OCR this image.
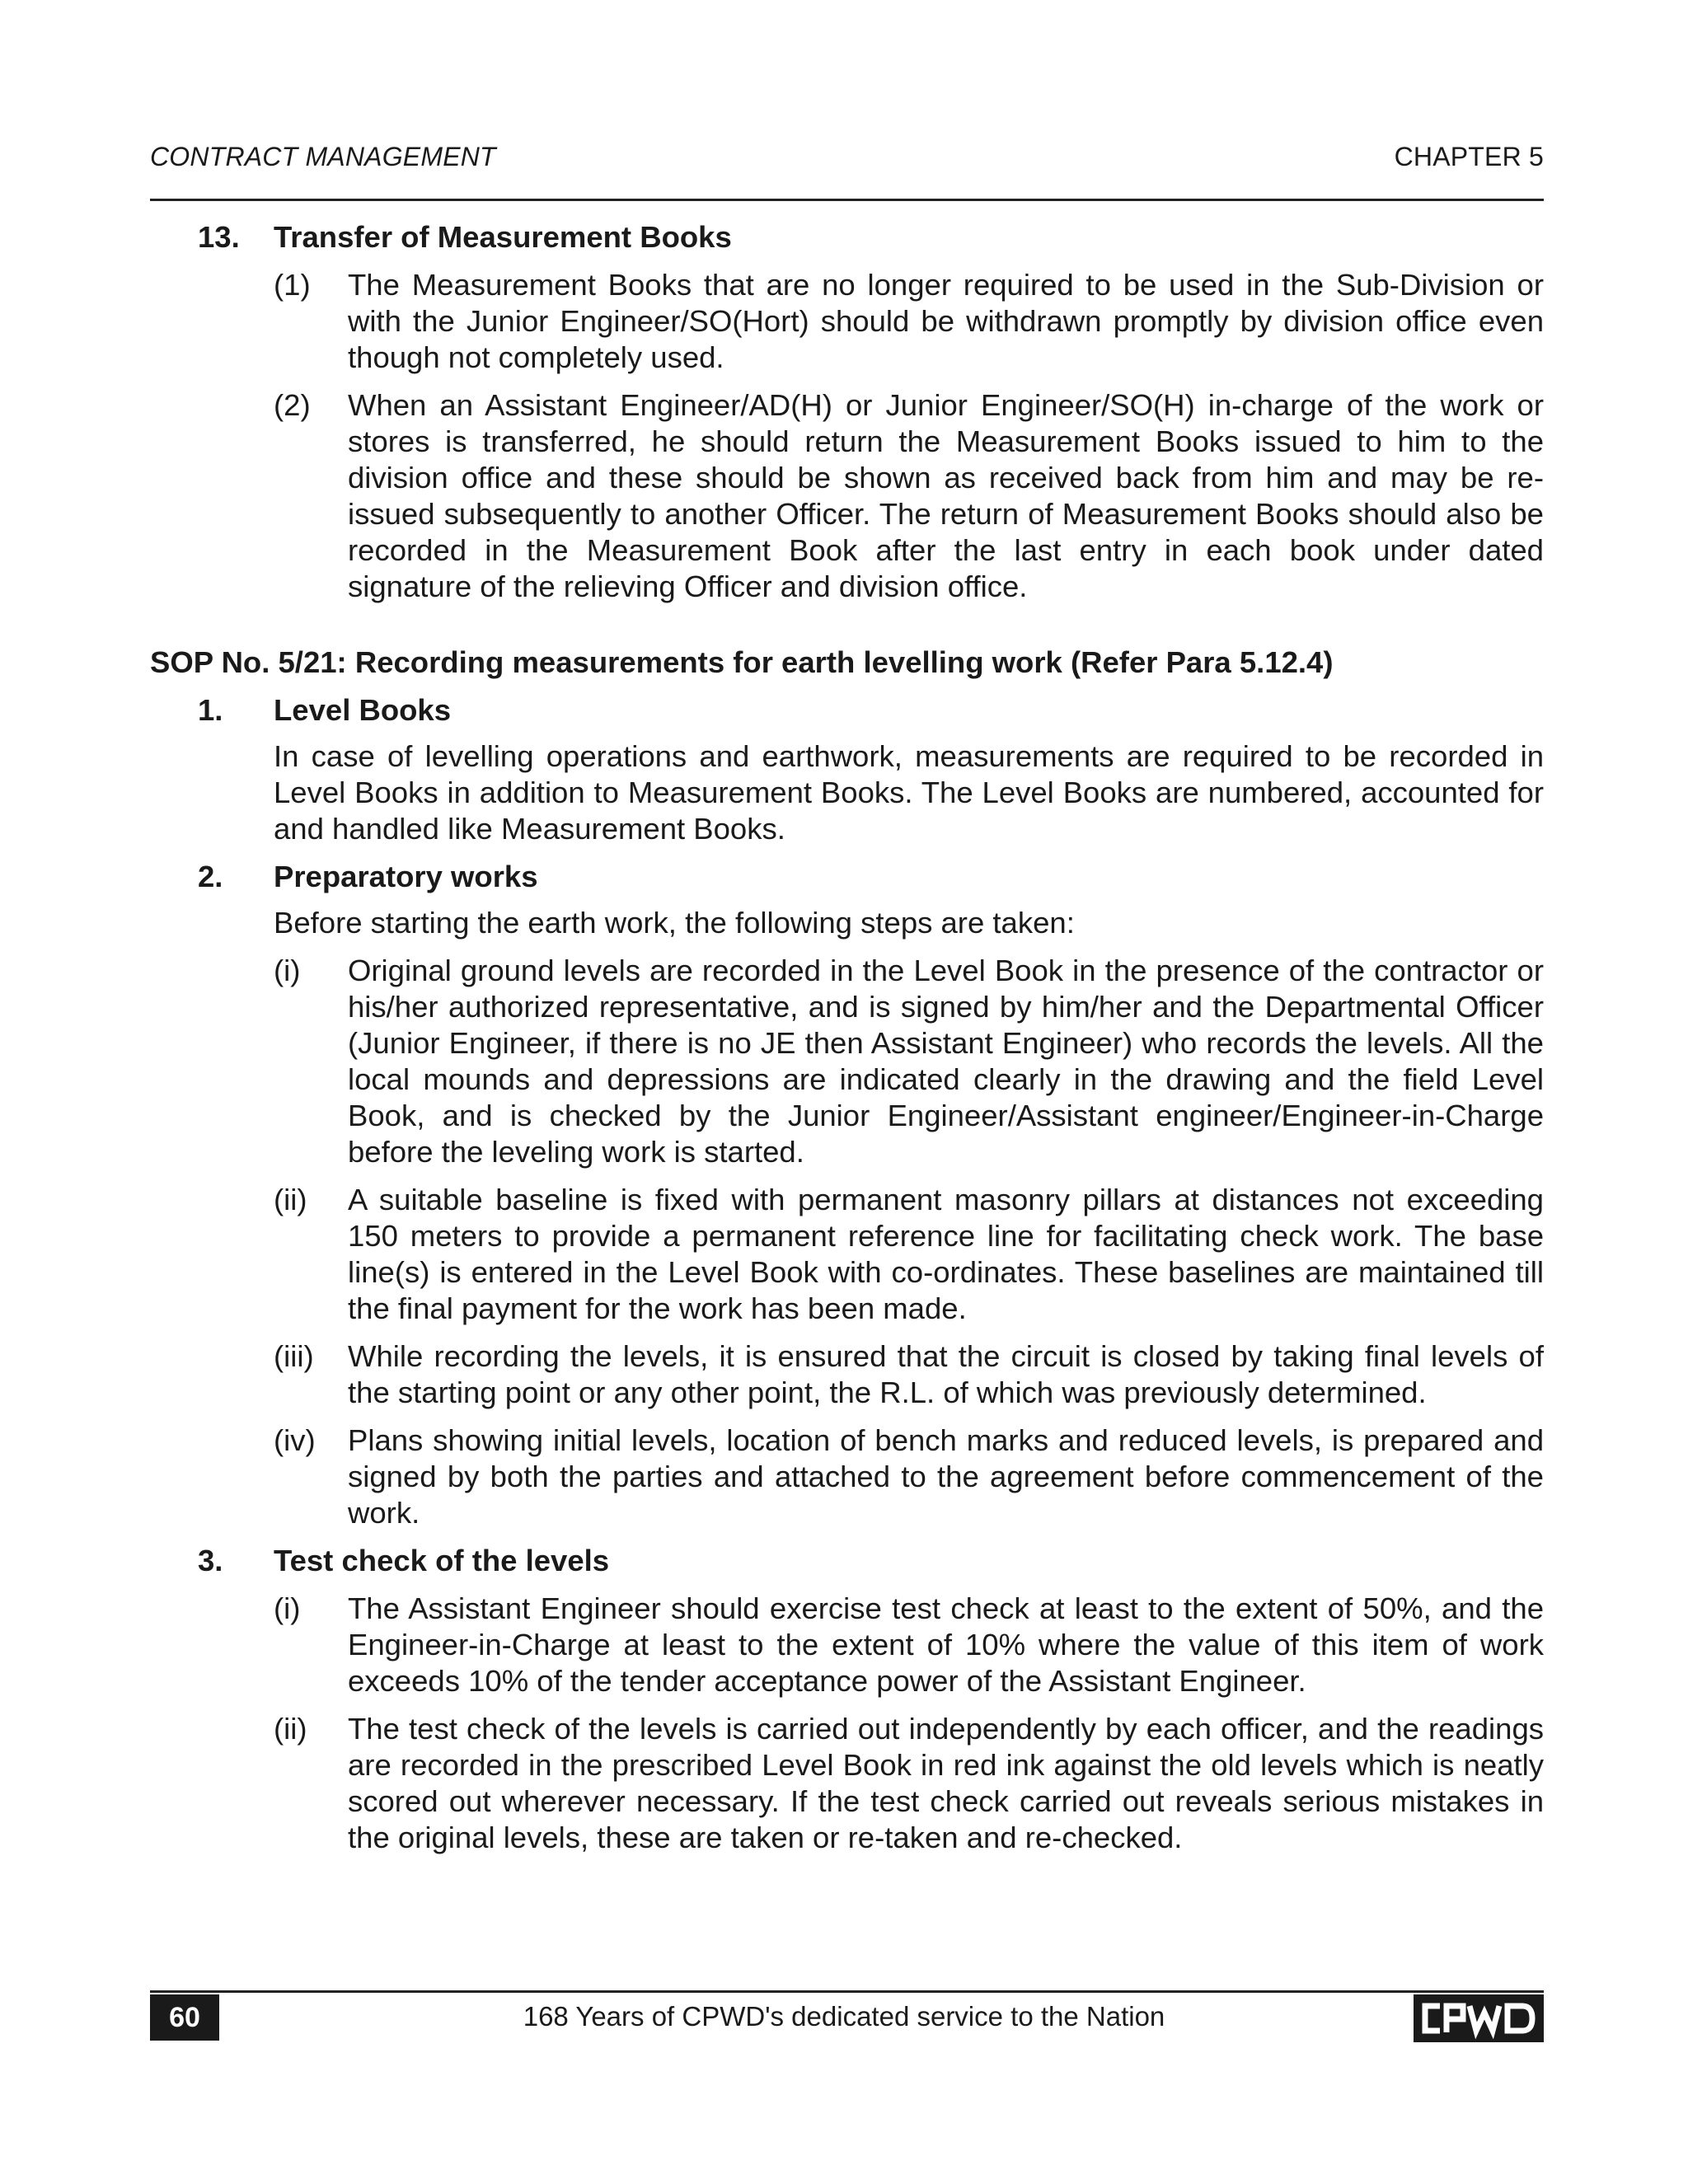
CONTRACT MANAGEMENT	CHAPTER 5
13.	Transfer of Measurement Books
(1)	The Measurement Books that are no longer required to be used in the Sub-Division or with the Junior Engineer/SO(Hort) should be withdrawn promptly by division office even though not completely used.
(2)	When an Assistant Engineer/AD(H) or Junior Engineer/SO(H) in-charge of the work or stores is transferred, he should return the Measurement Books issued to him to the division office and these should be shown as received back from him and may be re-issued subsequently to another Officer. The return of Measurement Books should also be recorded in the Measurement Book after the last entry in each book under dated signature of the relieving Officer and division office.
SOP No. 5/21: Recording measurements for earth levelling work (Refer Para 5.12.4)
1.	Level Books
In case of levelling operations and earthwork, measurements are required to be recorded in Level Books in addition to Measurement Books. The Level Books are numbered, accounted for and handled like Measurement Books.
2.	Preparatory works
Before starting the earth work, the following steps are taken:
(i)	Original ground levels are recorded in the Level Book in the presence of the contractor or his/her authorized representative, and is signed by him/her and the Departmental Officer (Junior Engineer, if there is no JE then Assistant Engineer) who records the levels. All the local mounds and depressions are indicated clearly in the drawing and the field Level Book, and is checked by the Junior Engineer/Assistant engineer/Engineer-in-Charge before the leveling work is started.
(ii)	A suitable baseline is fixed with permanent masonry pillars at distances not exceeding 150 meters to provide a permanent reference line for facilitating check work. The base line(s) is entered in the Level Book with co-ordinates. These baselines are maintained till the final payment for the work has been made.
(iii)	While recording the levels, it is ensured that the circuit is closed by taking final levels of the starting point or any other point, the R.L. of which was previously determined.
(iv)	Plans showing initial levels, location of bench marks and reduced levels, is prepared and signed by both the parties and attached to the agreement before commencement of the work.
3.	Test check of the levels
(i)	The Assistant Engineer should exercise test check at least to the extent of 50%, and the Engineer-in-Charge at least to the extent of 10% where the value of this item of work exceeds 10% of the tender acceptance power of the Assistant Engineer.
(ii)	The test check of the levels is carried out independently by each officer, and the readings are recorded in the prescribed Level Book in red ink against the old levels which is neatly scored out wherever necessary. If the test check carried out reveals serious mistakes in the original levels, these are taken or re-taken and re-checked.
60	168 Years of CPWD's dedicated service to the Nation
